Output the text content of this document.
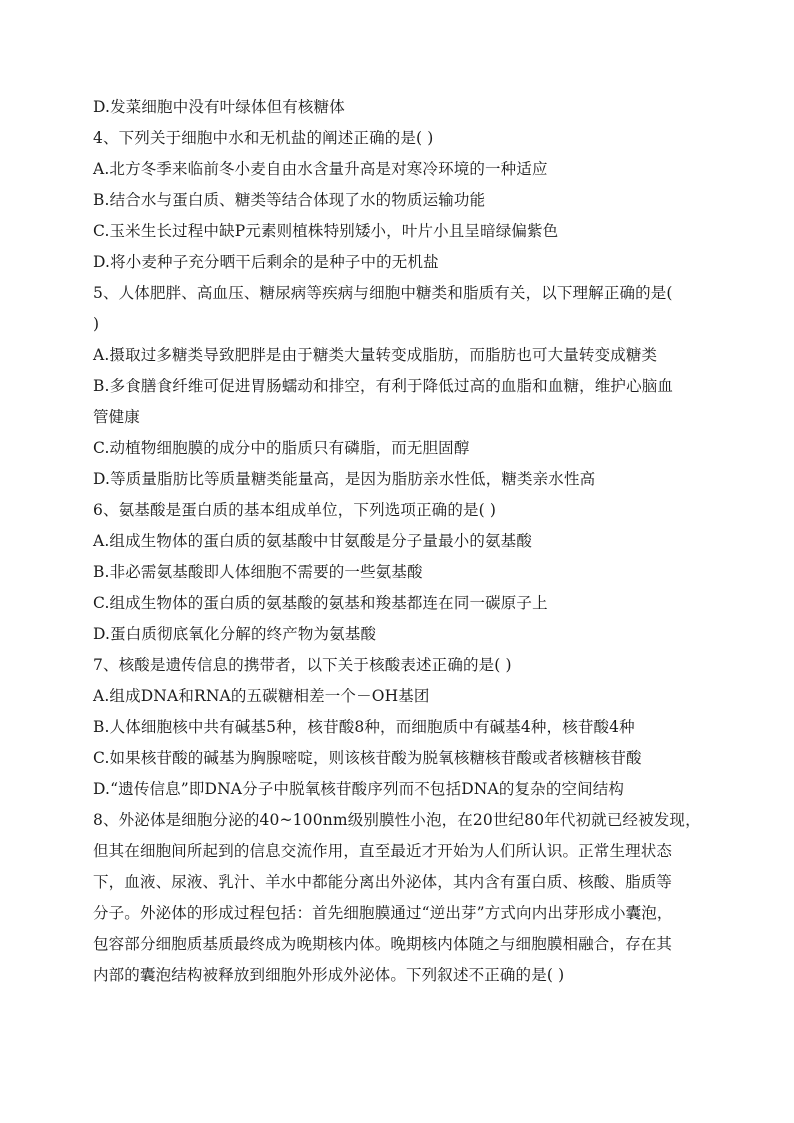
D.发菜细胞中没有叶绿体但有核糖体
4、下列关于细胞中水和无机盐的阐述正确的是( )
A.北方冬季来临前冬小麦自由水含量升高是对寒冷环境的一种适应
B.结合水与蛋白质、糖类等结合体现了水的物质运输功能
C.玉米生长过程中缺P元素则植株特别矮小，叶片小且呈暗绿偏紫色
D.将小麦种子充分晒干后剩余的是种子中的无机盐
5、人体肥胖、高血压、糖尿病等疾病与细胞中糖类和脂质有关，以下理解正确的是(
)
A.摄取过多糖类导致肥胖是由于糖类大量转变成脂肪，而脂肪也可大量转变成糖类
B.多食膳食纤维可促进胃肠蠕动和排空，有利于降低过高的血脂和血糖，维护心脑血
管健康
C.动植物细胞膜的成分中的脂质只有磷脂，而无胆固醇
D.等质量脂肪比等质量糖类能量高，是因为脂肪亲水性低，糖类亲水性高
6、氨基酸是蛋白质的基本组成单位，下列选项正确的是( )
A.组成生物体的蛋白质的氨基酸中甘氨酸是分子量最小的氨基酸
B.非必需氨基酸即人体细胞不需要的一些氨基酸
C.组成生物体的蛋白质的氨基酸的氨基和羧基都连在同一碳原子上
D.蛋白质彻底氧化分解的终产物为氨基酸
7、核酸是遗传信息的携带者，以下关于核酸表述正确的是( )
A.组成DNA和RNA的五碳糖相差一个－OH基团
B.人体细胞核中共有碱基5种，核苷酸8种，而细胞质中有碱基4种，核苷酸4种
C.如果核苷酸的碱基为胸腺嘧啶，则该核苷酸为脱氧核糖核苷酸或者核糖核苷酸
D.“遗传信息”即DNA分子中脱氧核苷酸序列而不包括DNA的复杂的空间结构
8、外泌体是细胞分泌的40~100nm级别膜性小泡，在20世纪80年代初就已经被发现，
但其在细胞间所起到的信息交流作用，直至最近才开始为人们所认识。正常生理状态
下，血液、尿液、乳汁、羊水中都能分离出外泌体，其内含有蛋白质、核酸、脂质等
分子。外泌体的形成过程包括：首先细胞膜通过“逆出芽”方式向内出芽形成小囊泡，
包容部分细胞质基质最终成为晚期核内体。晚期核内体随之与细胞膜相融合，存在其
内部的囊泡结构被释放到细胞外形成外泌体。下列叙述不正确的是( )
